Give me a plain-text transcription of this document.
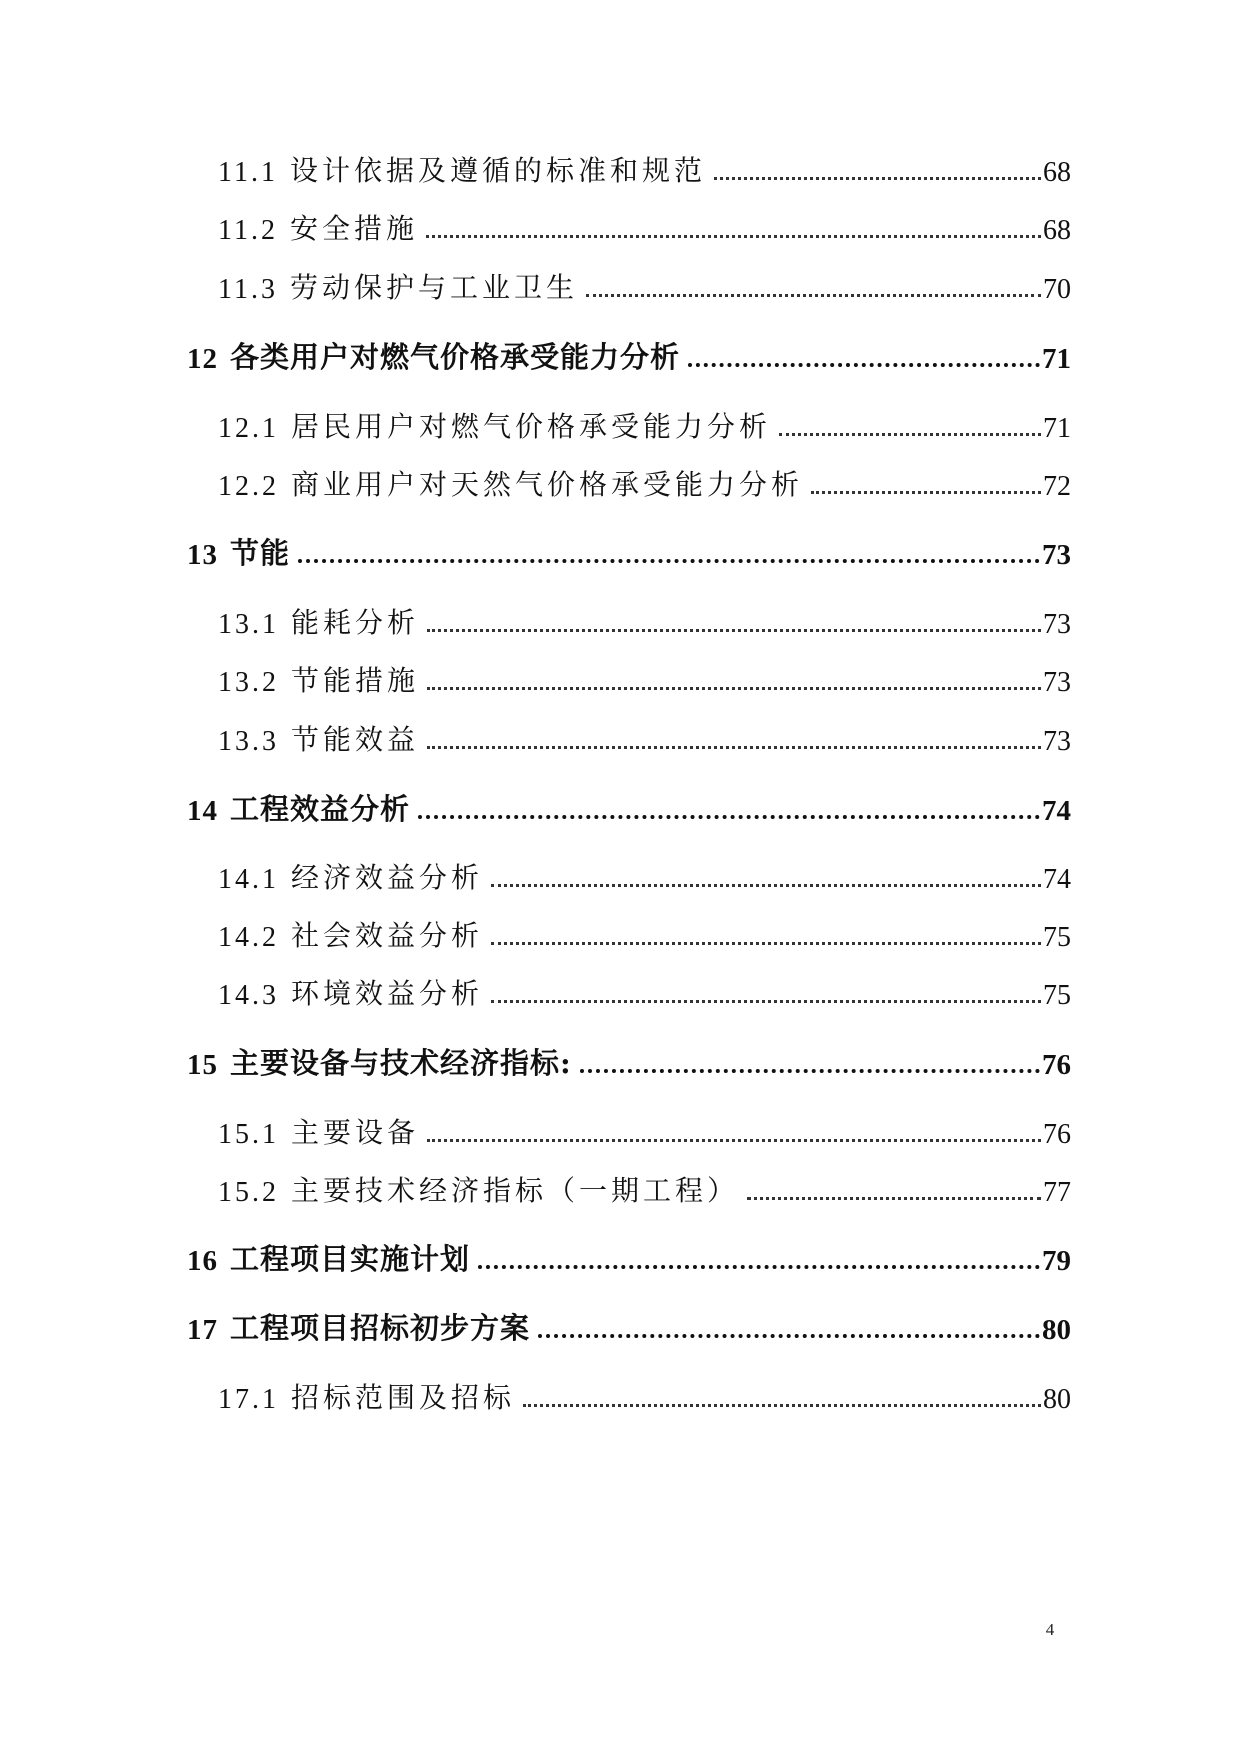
11.1 设计依据及遵循的标准和规范	68
11.2 安全措施	68
11.3 劳动保护与工业卫生	70
12 各类用户对燃气价格承受能力分析	71
12.1 居民用户对燃气价格承受能力分析	71
12.2 商业用户对天然气价格承受能力分析	72
13 节能	73
13.1 能耗分析	73
13.2 节能措施	73
13.3 节能效益	73
14 工程效益分析	74
14.1 经济效益分析	74
14.2 社会效益分析	75
14.3 环境效益分析	75
15 主要设备与技术经济指标:	76
15.1 主要设备	76
15.2 主要技术经济指标（一期工程）	77
16 工程项目实施计划	79
17 工程项目招标初步方案	80
17.1 招标范围及招标	80
4
